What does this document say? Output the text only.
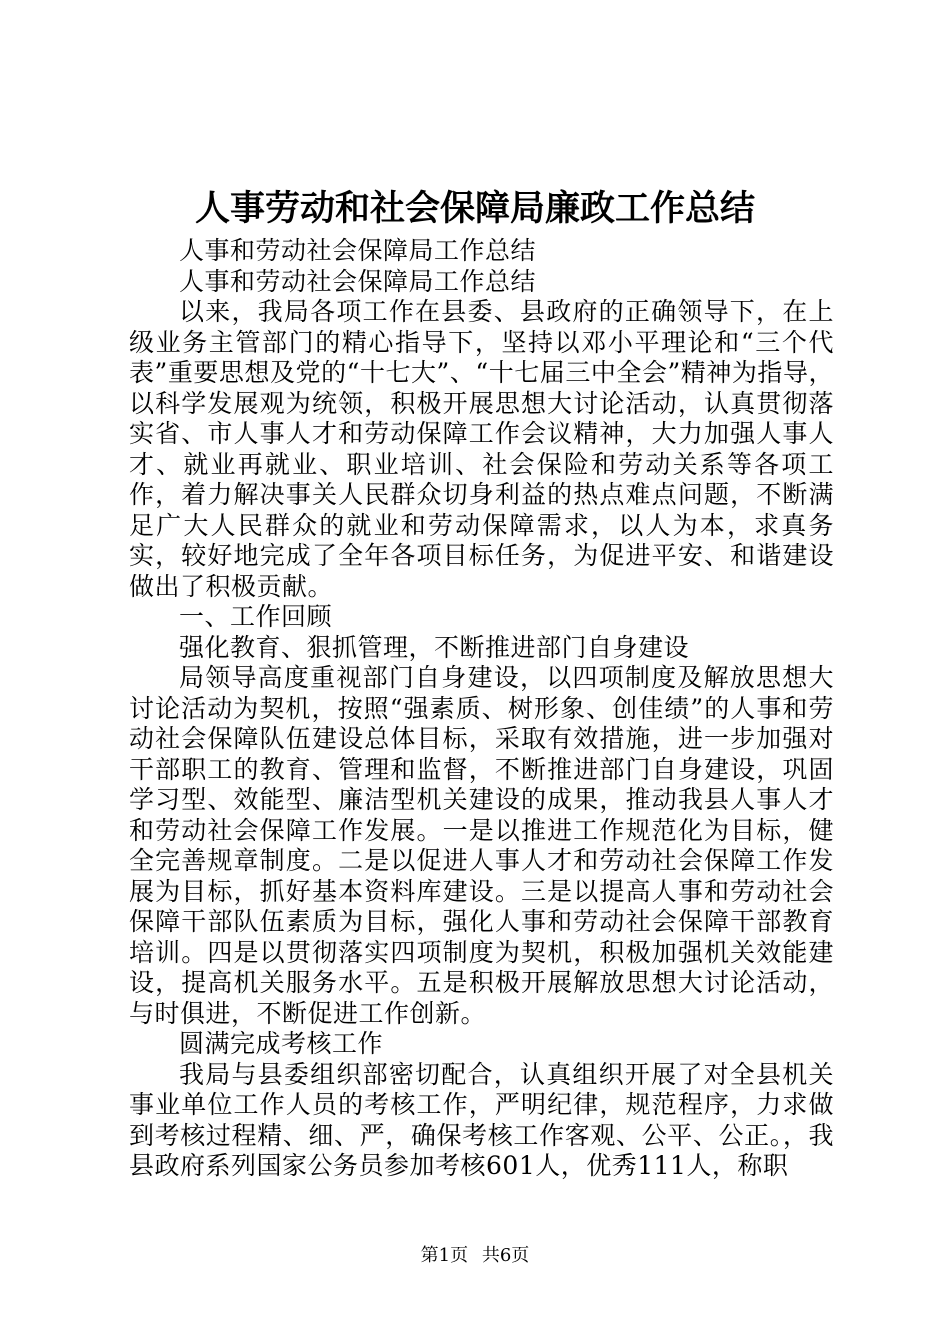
人事劳动和社会保障局廉政工作总结

人事和劳动社会保障局工作总结

人事和劳动社会保障局工作总结

以来，我局各项工作在县委、县政府的正确领导下，在上级业务主管部门的精心指导下，坚持以邓小平理论和“三个代表”重要思想及党的“十七大”、“十七届三中全会”精神为指导，以科学发展观为统领，积极开展思想大讨论活动，认真贯彻落实省、市人事人才和劳动保障工作会议精神，大力加强人事人才、就业再就业、职业培训、社会保险和劳动关系等各项工作，着力解决事关人民群众切身利益的热点难点问题，不断满足广大人民群众的就业和劳动保障需求，以人为本，求真务实，较好地完成了全年各项目标任务，为促进平安、和谐建设做出了积极贡献。

一、工作回顾

强化教育、狠抓管理，不断推进部门自身建设

局领导高度重视部门自身建设，以四项制度及解放思想大讨论活动为契机，按照“强素质、树形象、创佳绩”的人事和劳动社会保障队伍建设总体目标，采取有效措施，进一步加强对干部职工的教育、管理和监督，不断推进部门自身建设，巩固学习型、效能型、廉洁型机关建设的成果，推动我县人事人才和劳动社会保障工作发展。一是以推进工作规范化为目标，健全完善规章制度。二是以促进人事人才和劳动社会保障工作发展为目标，抓好基本资料库建设。三是以提高人事和劳动社会保障干部队伍素质为目标，强化人事和劳动社会保障干部教育培训。四是以贯彻落实四项制度为契机，积极加强机关效能建设，提高机关服务水平。五是积极开展解放思想大讨论活动，与时俱进，不断促进工作创新。

圆满完成考核工作

我局与县委组织部密切配合，认真组织开展了对全县机关事业单位工作人员的考核工作，严明纪律，规范程序，力求做到考核过程精、细、严，确保考核工作客观、公平、公正。，我县政府系列国家公务员参加考核601人，优秀111人，称职

第1页 共6页
